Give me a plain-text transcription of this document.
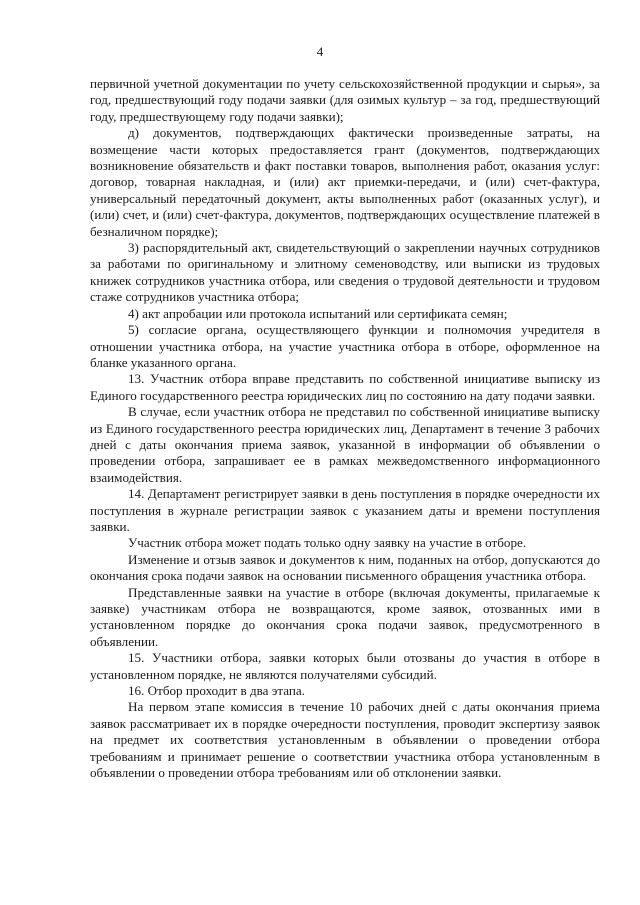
4

первичной учетной документации по учету сельскохозяйственной продукции и сырья», за год, предшествующий году подачи заявки (для озимых культур – за год, предшествующий году, предшествующему году подачи заявки);

д) документов, подтверждающих фактически произведенные затраты, на возмещение части которых предоставляется грант (документов, подтверждающих возникновение обязательств и факт поставки товаров, выполнения работ, оказания услуг: договор, товарная накладная, и (или) акт приемки-передачи, и (или) счет-фактура, универсальный передаточный документ, акты выполненных работ (оказанных услуг), и (или) счет, и (или) счет-фактура, документов, подтверждающих осуществление платежей в безналичном порядке);

3) распорядительный акт, свидетельствующий о закреплении научных сотрудников за работами по оригинальному и элитному семеноводству, или выписки из трудовых книжек сотрудников участника отбора, или сведения о трудовой деятельности и трудовом стаже сотрудников участника отбора;

4) акт апробации или протокола испытаний или сертификата семян;

5) согласие органа, осуществляющего функции и полномочия учредителя в отношении участника отбора, на участие участника отбора в отборе, оформленное на бланке указанного органа.

13. Участник отбора вправе представить по собственной инициативе выписку из Единого государственного реестра юридических лиц по состоянию на дату подачи заявки.

В случае, если участник отбора не представил по собственной инициативе выписку из Единого государственного реестра юридических лиц, Департамент в течение 3 рабочих дней с даты окончания приема заявок, указанной в информации об объявлении о проведении отбора, запрашивает ее в рамках межведомственного информационного взаимодействия.

14. Департамент регистрирует заявки в день поступления в порядке очередности их поступления в журнале регистрации заявок с указанием даты и времени поступления заявки.

Участник отбора может подать только одну заявку на участие в отборе.

Изменение и отзыв заявок и документов к ним, поданных на отбор, допускаются до окончания срока подачи заявок на основании письменного обращения участника отбора.

Представленные заявки на участие в отборе (включая документы, прилагаемые к заявке) участникам отбора не возвращаются, кроме заявок, отозванных ими в установленном порядке до окончания срока подачи заявок, предусмотренного в объявлении.

15. Участники отбора, заявки которых были отозваны до участия в отборе в установленном порядке, не являются получателями субсидий.

16. Отбор проходит в два этапа.

На первом этапе комиссия в течение 10 рабочих дней с даты окончания приема заявок рассматривает их в порядке очередности поступления, проводит экспертизу заявок на предмет их соответствия установленным в объявлении о проведении отбора требованиям и принимает решение о соответствии участника отбора установленным в объявлении о проведении отбора требованиям или об отклонении заявки.
